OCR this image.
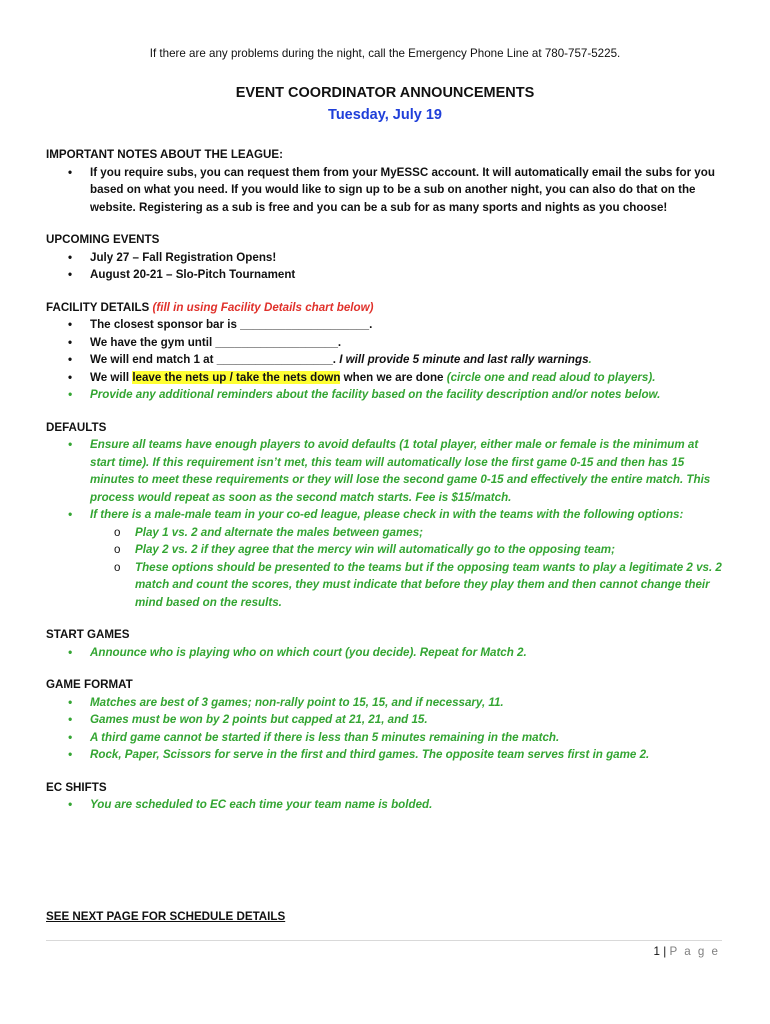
If there are any problems during the night, call the Emergency Phone Line at 780-757-5225.
EVENT COORDINATOR ANNOUNCEMENTS
Tuesday, July 19
IMPORTANT NOTES ABOUT THE LEAGUE:
• If you require subs, you can request them from your MyESSC account. It will automatically email the subs for you based on what you need. If you would like to sign up to be a sub on another night, you can also do that on the website. Registering as a sub is free and you can be a sub for as many sports and nights as you choose!
UPCOMING EVENTS
• July 27 – Fall Registration Opens!
• August 20-21 – Slo-Pitch Tournament
FACILITY DETAILS (fill in using Facility Details chart below)
• The closest sponsor bar is ____________________.
• We have the gym until ___________________.
• We will end match 1 at __________________. I will provide 5 minute and last rally warnings.
• We will leave the nets up / take the nets down when we are done (circle one and read aloud to players).
• Provide any additional reminders about the facility based on the facility description and/or notes below.
DEFAULTS
• Ensure all teams have enough players to avoid defaults (1 total player, either male or female is the minimum at start time). If this requirement isn’t met, this team will automatically lose the first game 0-15 and then has 15 minutes to meet these requirements or they will lose the second game 0-15 and effectively the entire match. This process would repeat as soon as the second match starts. Fee is $15/match.
• If there is a male-male team in your co-ed league, please check in with the teams with the following options:
o Play 1 vs. 2 and alternate the males between games;
o Play 2 vs. 2 if they agree that the mercy win will automatically go to the opposing team;
o These options should be presented to the teams but if the opposing team wants to play a legitimate 2 vs. 2 match and count the scores, they must indicate that before they play them and then cannot change their mind based on the results.
START GAMES
• Announce who is playing who on which court (you decide). Repeat for Match 2.
GAME FORMAT
• Matches are best of 3 games; non-rally point to 15, 15, and if necessary, 11.
• Games must be won by 2 points but capped at 21, 21, and 15.
• A third game cannot be started if there is less than 5 minutes remaining in the match.
• Rock, Paper, Scissors for serve in the first and third games. The opposite team serves first in game 2.
EC SHIFTS
• You are scheduled to EC each time your team name is bolded.
SEE NEXT PAGE FOR SCHEDULE DETAILS
1 | P a g e
